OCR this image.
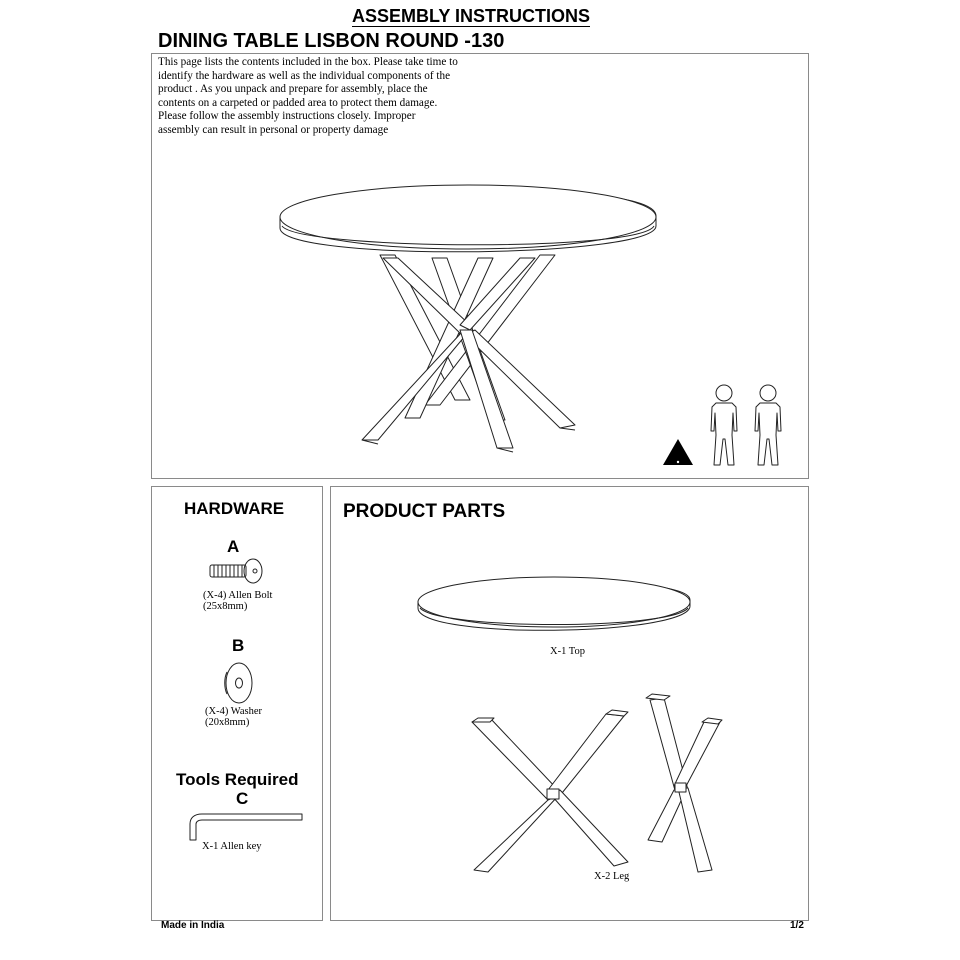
ASSEMBLY INSTRUCTIONS
DINING TABLE LISBON ROUND -130
This page lists the contents included in the box. Please take time to identify the hardware as well as the individual components of the product . As you unpack and prepare for assembly, place the contents on a carpeted or padded area to protect them damage. Please follow the assembly instructions closely. Improper assembly can result in personal or property damage
HARDWARE
A
(X-4) Allen Bolt
(25x8mm)
B
(X-4) Washer
(20x8mm)
Tools Required
C
X-1 Allen key
PRODUCT PARTS
X-1 Top
X-2 Leg
Made in India	1/2
